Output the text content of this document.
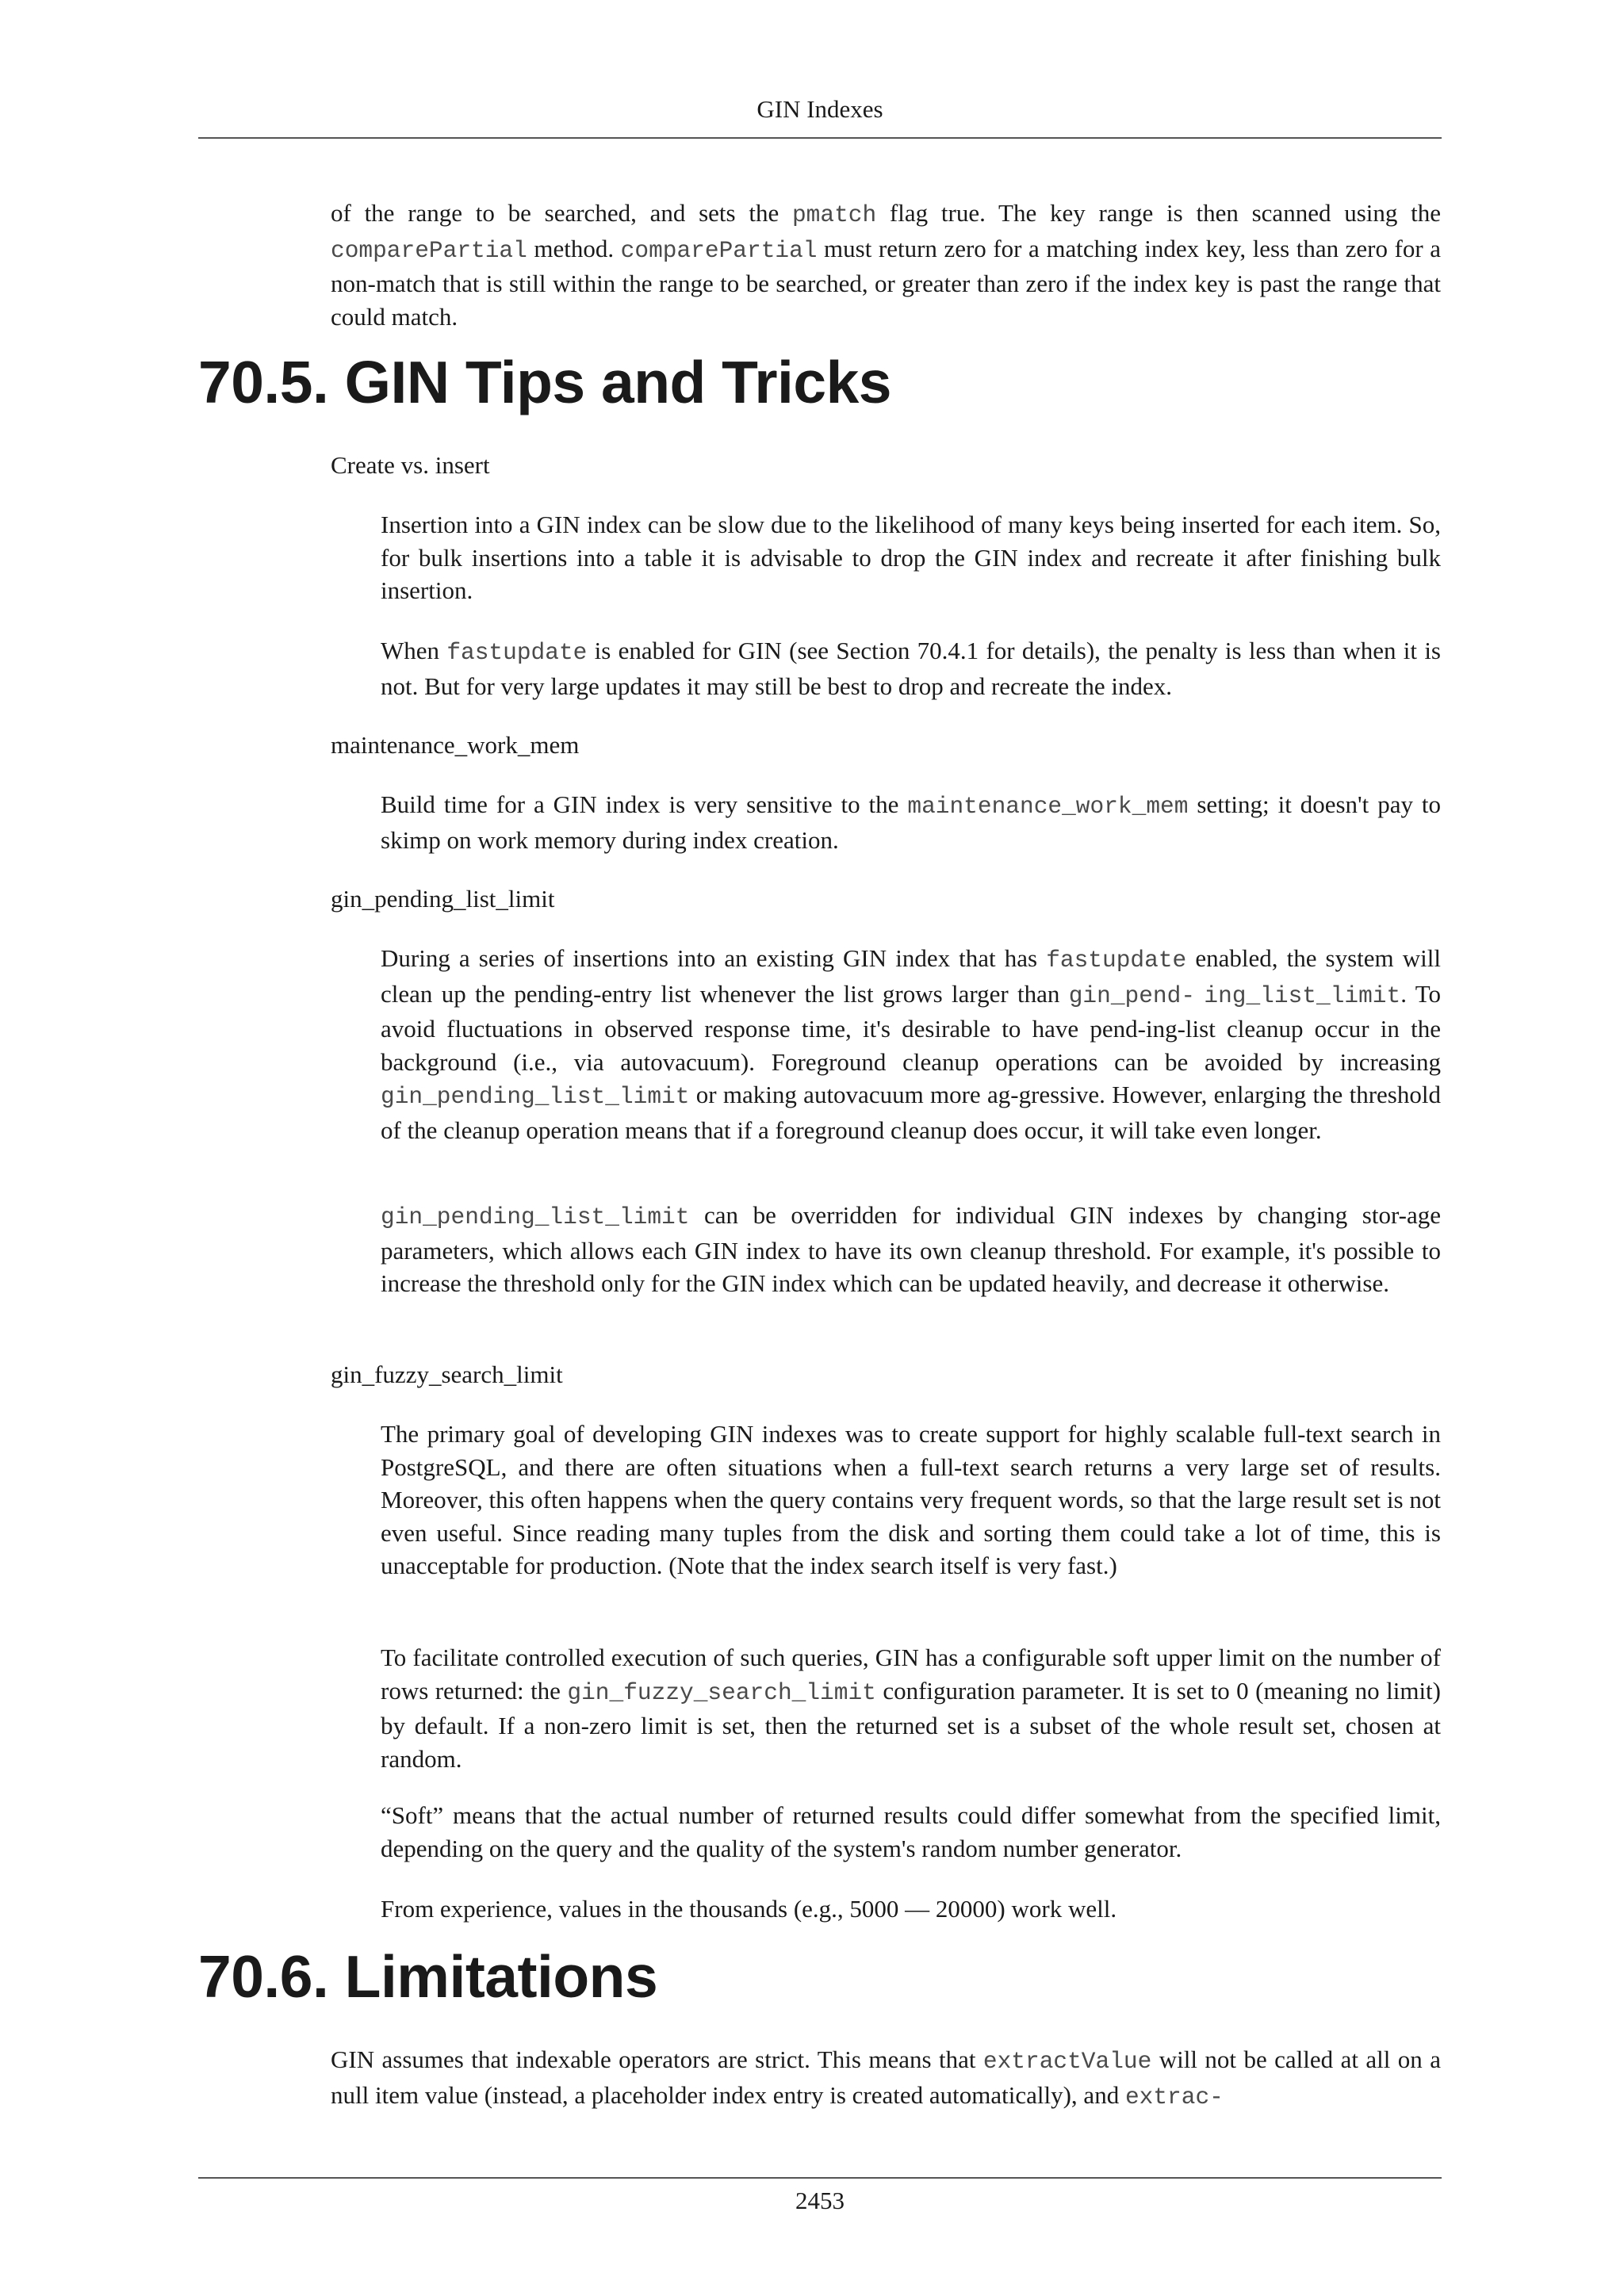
GIN Indexes

of the range to be searched, and sets the pmatch flag true. The key range is then scanned using the comparePartial method. comparePartial must return zero for a matching index key, less than zero for a non-match that is still within the range to be searched, or greater than zero if the index key is past the range that could match.

70.5. GIN Tips and Tricks
Create vs. insert

Insertion into a GIN index can be slow due to the likelihood of many keys being inserted for each item. So, for bulk insertions into a table it is advisable to drop the GIN index and recreate it after finishing bulk insertion.

When fastupdate is enabled for GIN (see Section 70.4.1 for details), the penalty is less than when it is not. But for very large updates it may still be best to drop and recreate the index.

maintenance_work_mem

Build time for a GIN index is very sensitive to the maintenance_work_mem setting; it doesn't pay to skimp on work memory during index creation.

gin_pending_list_limit

During a series of insertions into an existing GIN index that has fastupdate enabled, the system will clean up the pending-entry list whenever the list grows larger than gin_pend- ing_list_limit. To avoid fluctuations in observed response time, it's desirable to have pend-ing-list cleanup occur in the background (i.e., via autovacuum). Foreground cleanup operations can be avoided by increasing gin_pending_list_limit or making autovacuum more ag-gressive. However, enlarging the threshold of the cleanup operation means that if a foreground cleanup does occur, it will take even longer.

gin_pending_list_limit can be overridden for individual GIN indexes by changing stor-age parameters, which allows each GIN index to have its own cleanup threshold. For example, it's possible to increase the threshold only for the GIN index which can be updated heavily, and decrease it otherwise.

gin_fuzzy_search_limit

The primary goal of developing GIN indexes was to create support for highly scalable full-text search in PostgreSQL, and there are often situations when a full-text search returns a very large set of results. Moreover, this often happens when the query contains very frequent words, so that the large result set is not even useful. Since reading many tuples from the disk and sorting them could take a lot of time, this is unacceptable for production. (Note that the index search itself is very fast.)

To facilitate controlled execution of such queries, GIN has a configurable soft upper limit on the number of rows returned: the gin_fuzzy_search_limit configuration parameter. It is set to 0 (meaning no limit) by default. If a non-zero limit is set, then the returned set is a subset of the whole result set, chosen at random.

“Soft” means that the actual number of returned results could differ somewhat from the specified limit, depending on the query and the quality of the system's random number generator.

From experience, values in the thousands (e.g., 5000 — 20000) work well.

70.6. Limitations

GIN assumes that indexable operators are strict. This means that extractValue will not be called at all on a null item value (instead, a placeholder index entry is created automatically), and extrac-

2453
